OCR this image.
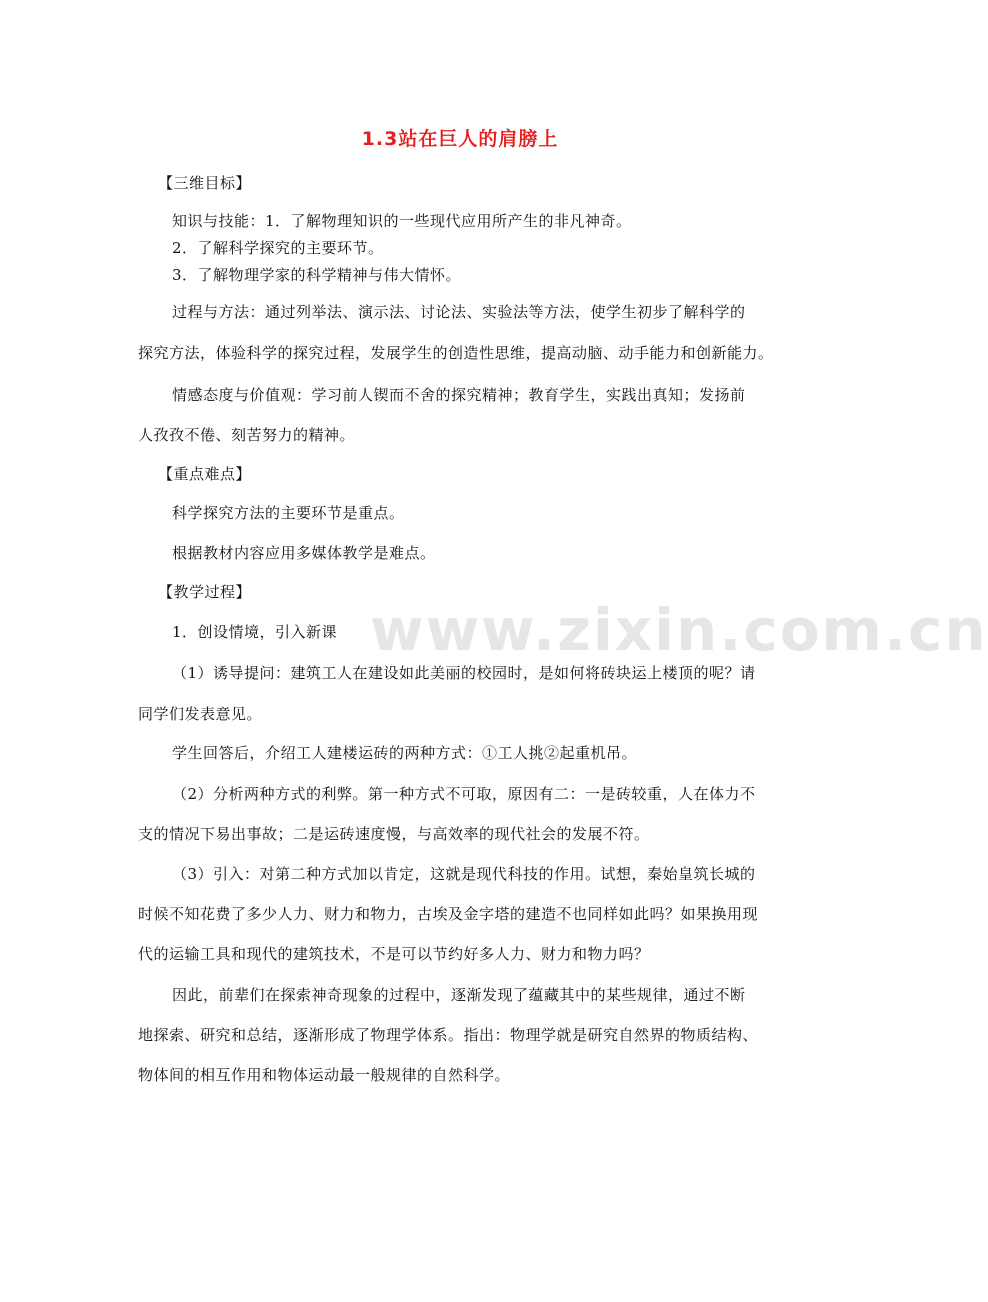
1.3站在巨人的肩膀上
www.zixin.com.cn
【三维目标】
知识与技能：1．了解物理知识的一些现代应用所产生的非凡神奇。
2．了解科学探究的主要环节。
3．了解物理学家的科学精神与伟大情怀。
过程与方法：通过列举法、演示法、讨论法、实验法等方法，使学生初步了解科学的
探究方法，体验科学的探究过程，发展学生的创造性思维，提高动脑、动手能力和创新能力。
情感态度与价值观：学习前人锲而不舍的探究精神；教育学生，实践出真知；发扬前
人孜孜不倦、刻苦努力的精神。
【重点难点】
科学探究方法的主要环节是重点。
根据教材内容应用多媒体教学是难点。
【教学过程】
1．创设情境，引入新课
（1）诱导提问：建筑工人在建设如此美丽的校园时，是如何将砖块运上楼顶的呢？请
同学们发表意见。
学生回答后，介绍工人建楼运砖的两种方式：①工人挑②起重机吊。
（2）分析两种方式的利弊。第一种方式不可取，原因有二：一是砖较重，人在体力不
支的情况下易出事故；二是运砖速度慢，与高效率的现代社会的发展不符。
（3）引入：对第二种方式加以肯定，这就是现代科技的作用。试想，秦始皇筑长城的
时候不知花费了多少人力、财力和物力，古埃及金字塔的建造不也同样如此吗？如果换用现
代的运输工具和现代的建筑技术，不是可以节约好多人力、财力和物力吗？
因此，前辈们在探索神奇现象的过程中，逐渐发现了蕴藏其中的某些规律，通过不断
地探索、研究和总结，逐渐形成了物理学体系。指出：物理学就是研究自然界的物质结构、
物体间的相互作用和物体运动最一般规律的自然科学。
